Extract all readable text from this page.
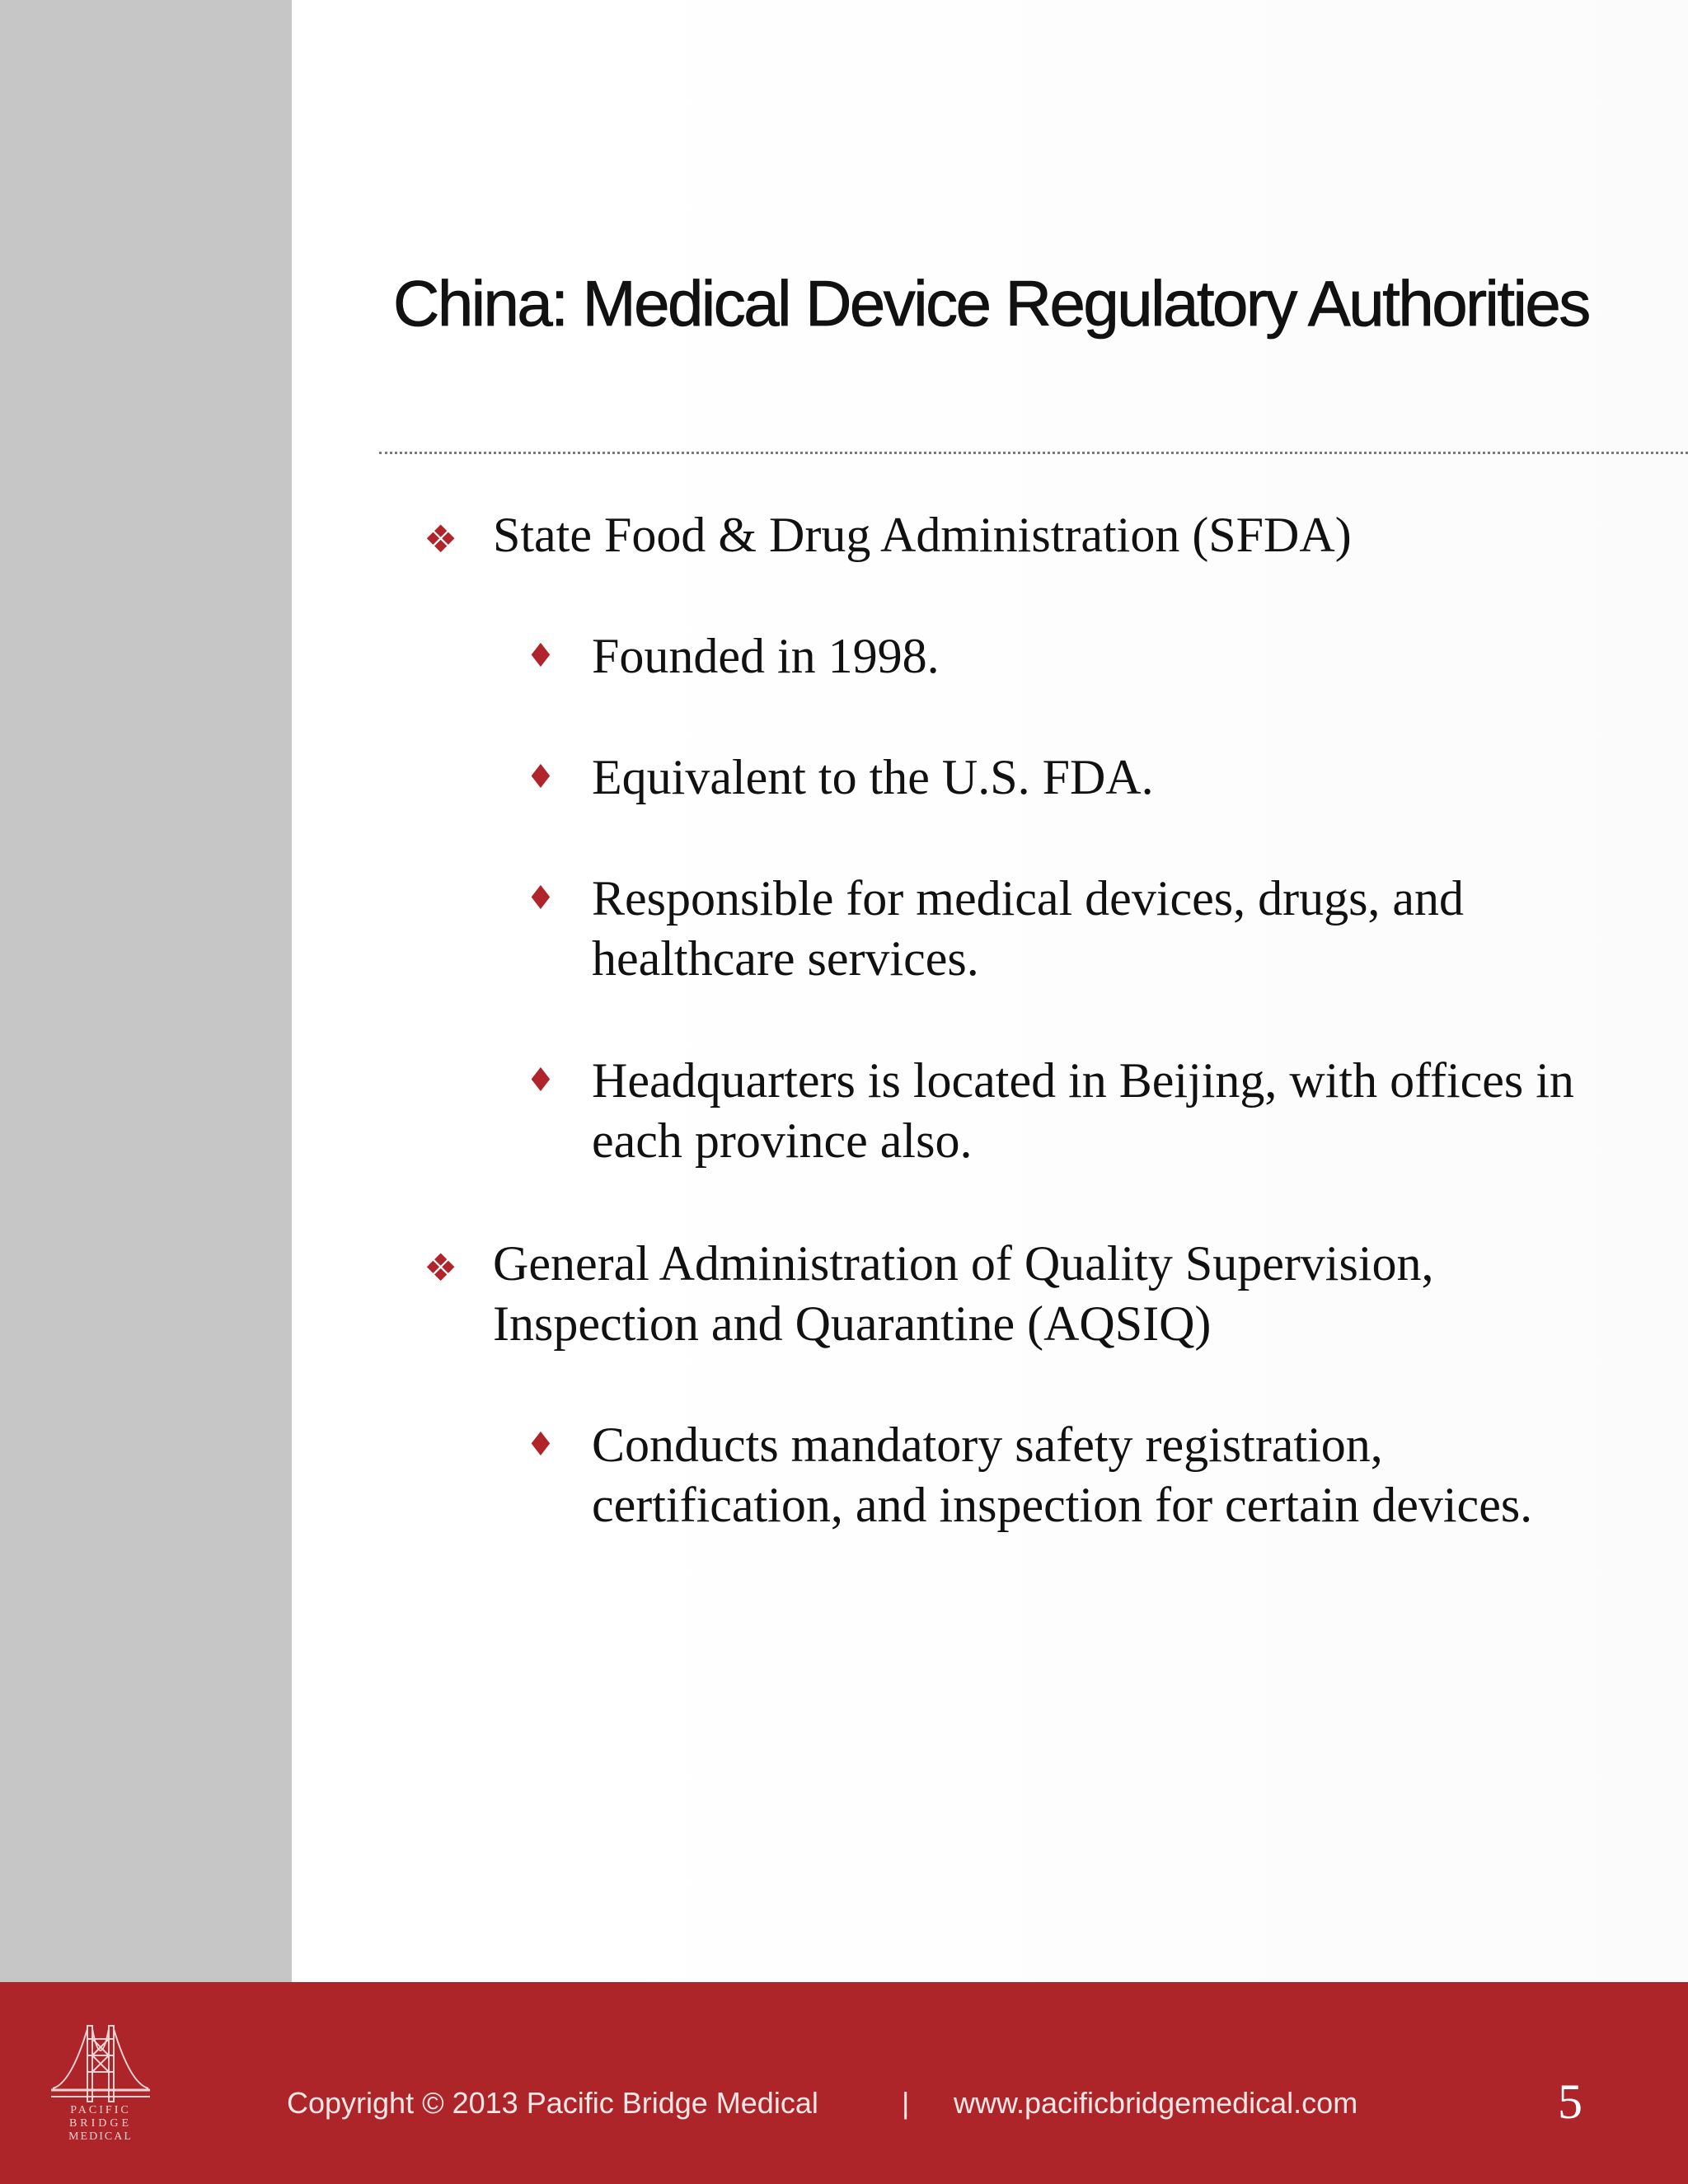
China: Medical Device Regulatory Authorities
❖ State Food & Drug Administration (SFDA)

♦ Founded in 1998.

♦ Equivalent to the U.S. FDA.

♦ Responsible for medical devices, drugs, and healthcare services.

♦ Headquarters is located in Beijing, with offices in each province also.

❖ General Administration of Quality Supervision, Inspection and Quarantine (AQSIQ)

♦ Conducts mandatory safety registration, certification, and inspection for certain devices.

PACIFIC
BRIDGE
MEDICAL
Copyright © 2013 Pacific Bridge Medical	| www.pacificbridgemedical.com	5
